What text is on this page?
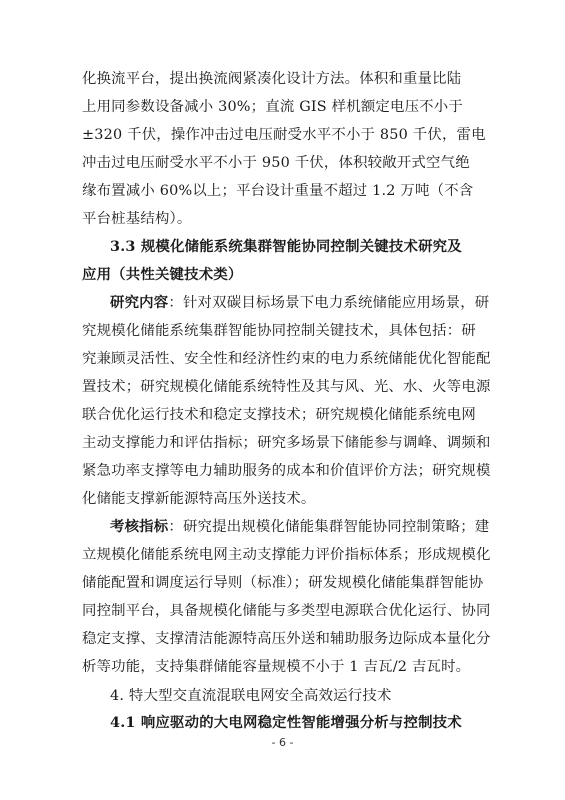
化换流平台，提出换流阀紧凑化设计方法。体积和重量比陆
上用同参数设备减小 30%；直流 GIS 样机额定电压不小于
±320 千伏，操作冲击过电压耐受水平不小于 850 千伏，雷电
冲击过电压耐受水平不小于 950 千伏，体积较敞开式空气绝
缘布置减小 60%以上；平台设计重量不超过 1.2 万吨（不含
平台桩基结构）。
3.3 规模化储能系统集群智能协同控制关键技术研究及
应用（共性关键技术类）
研究内容：针对双碳目标场景下电力系统储能应用场景，研
究规模化储能系统集群智能协同控制关键技术，具体包括：研
究兼顾灵活性、安全性和经济性约束的电力系统储能优化智能配
置技术；研究规模化储能系统特性及其与风、光、水、火等电源
联合优化运行技术和稳定支撑技术；研究规模化储能系统电网
主动支撑能力和评估指标；研究多场景下储能参与调峰、调频和
紧急功率支撑等电力辅助服务的成本和价值评价方法；研究规模
化储能支撑新能源特高压外送技术。
考核指标：研究提出规模化储能集群智能协同控制策略；建
立规模化储能系统电网主动支撑能力评价指标体系；形成规模化
储能配置和调度运行导则（标准）；研发规模化储能集群智能协
同控制平台，具备规模化储能与多类型电源联合优化运行、协同
稳定支撑、支撑清洁能源特高压外送和辅助服务边际成本量化分
析等功能，支持集群储能容量规模不小于 1 吉瓦/2 吉瓦时。
4. 特大型交直流混联电网安全高效运行技术
4.1 响应驱动的大电网稳定性智能增强分析与控制技术
- 6 -
